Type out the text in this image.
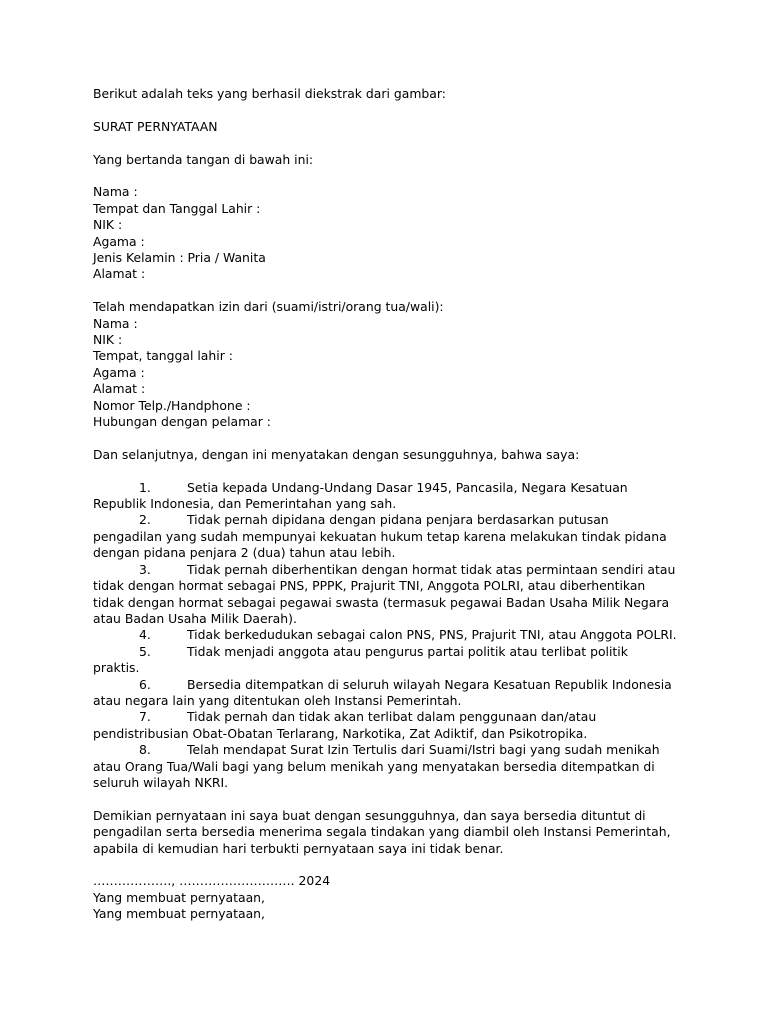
Berikut adalah teks yang berhasil diekstrak dari gambar:
SURAT PERNYATAAN
Yang bertanda tangan di bawah ini:
Nama :
Tempat dan Tanggal Lahir :
NIK :
Agama :
Jenis Kelamin : Pria / Wanita
Alamat :
Telah mendapatkan izin dari (suami/istri/orang tua/wali):
Nama :
NIK :
Tempat, tanggal lahir :
Agama :
Alamat :
Nomor Telp./Handphone :
Hubungan dengan pelamar :
Dan selanjutnya, dengan ini menyatakan dengan sesungguhnya, bahwa saya:
1.	Setia kepada Undang-Undang Dasar 1945, Pancasila, Negara Kesatuan Republik Indonesia, dan Pemerintahan yang sah.
2.	Tidak pernah dipidana dengan pidana penjara berdasarkan putusan pengadilan yang sudah mempunyai kekuatan hukum tetap karena melakukan tindak pidana dengan pidana penjara 2 (dua) tahun atau lebih.
3.	Tidak pernah diberhentikan dengan hormat tidak atas permintaan sendiri atau tidak dengan hormat sebagai PNS, PPPK, Prajurit TNI, Anggota POLRI, atau diberhentikan tidak dengan hormat sebagai pegawai swasta (termasuk pegawai Badan Usaha Milik Negara atau Badan Usaha Milik Daerah).
4.	Tidak berkedudukan sebagai calon PNS, PNS, Prajurit TNI, atau Anggota POLRI.
5.	Tidak menjadi anggota atau pengurus partai politik atau terlibat politik praktis.
6.	Bersedia ditempatkan di seluruh wilayah Negara Kesatuan Republik Indonesia atau negara lain yang ditentukan oleh Instansi Pemerintah.
7.	Tidak pernah dan tidak akan terlibat dalam penggunaan dan/atau pendistribusian Obat-Obatan Terlarang, Narkotika, Zat Adiktif, dan Psikotropika.
8.	Telah mendapat Surat Izin Tertulis dari Suami/Istri bagi yang sudah menikah atau Orang Tua/Wali bagi yang belum menikah yang menyatakan bersedia ditempatkan di seluruh wilayah NKRI.
Demikian pernyataan ini saya buat dengan sesungguhnya, dan saya bersedia dituntut di pengadilan serta bersedia menerima segala tindakan yang diambil oleh Instansi Pemerintah, apabila di kemudian hari terbukti pernyataan saya ini tidak benar.
………………., ………………………. 2024
Yang membuat pernyataan,
Yang membuat pernyataan,
